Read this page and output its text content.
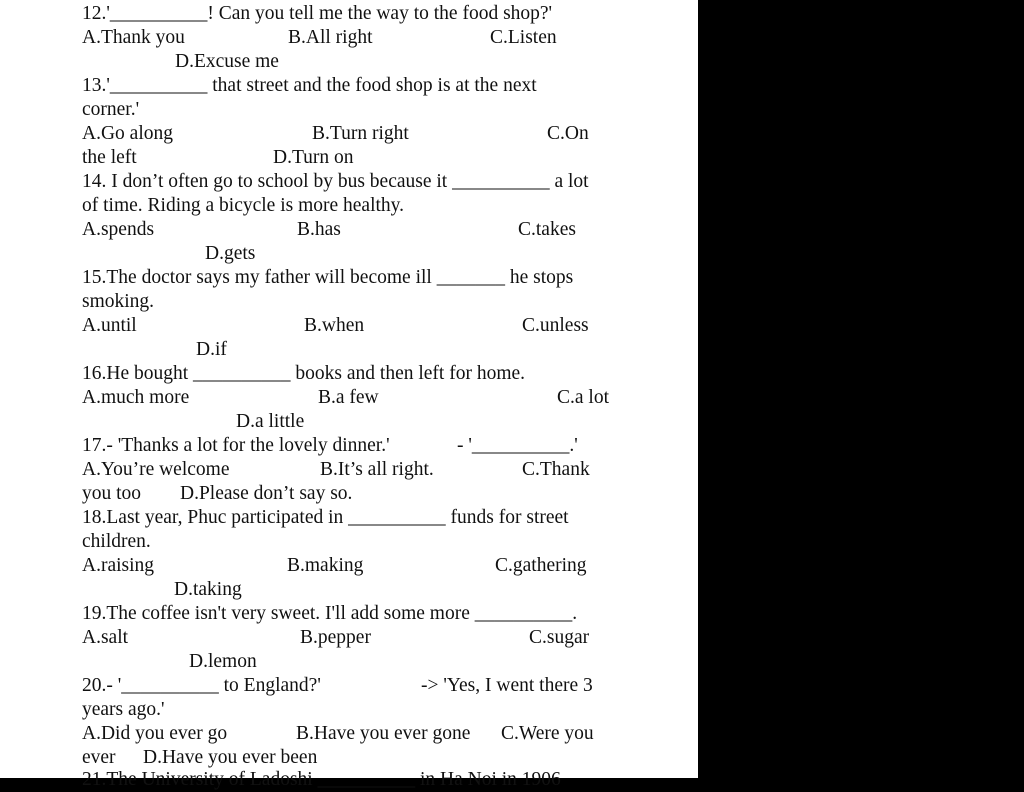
12.'__________! Can you tell me the way to the food shop?'
A.Thank you	B.All right	C.Listen
D.Excuse me
13.'__________ that street and the food shop is at the next
corner.'
A.Go along	B.Turn right	C.On
the left	D.Turn on
14. I don’t often go to school by bus because it __________ a lot
of time. Riding a bicycle is more healthy.
A.spends	B.has	C.takes
D.gets
15.The doctor says my father will become ill _______ he stops
smoking.
A.until	B.when	C.unless
D.if
16.He bought __________ books and then left for home.
A.much more	B.a few	C.a lot
D.a little
17.- 'Thanks a lot for the lovely dinner.'	- '__________.'
A.You’re welcome	B.It’s all right.	C.Thank
you too D.Please don’t say so.
18.Last year, Phuc participated in __________ funds for street
children.
A.raising	B.making	C.gathering
D.taking
19.The coffee isn't very sweet. I'll add some more __________.
A.salt	B.pepper	C.sugar
D.lemon
20.- '__________ to England?'	-> 'Yes, I went there 3
years ago.'
A.Did you ever go	B.Have you ever gone C.Were you
ever D.Have you ever been
21.The University of Ladoshi __________ in Ha Noi in 1906
